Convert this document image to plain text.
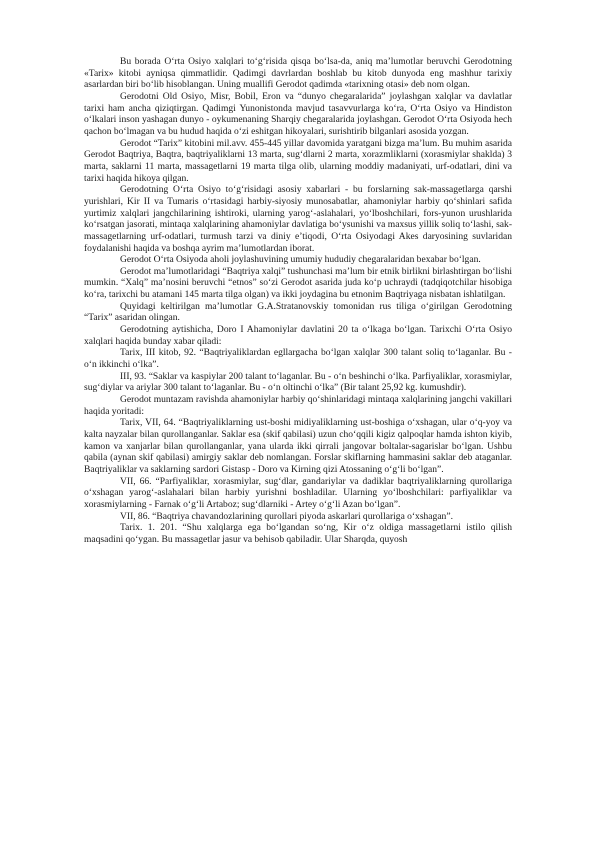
Bu borada O‘rta Osiyo xalqlari to‘g‘risida qisqa bo‘lsa-da, aniq ma’lumotlar beruvchi Gerodotning «Tarix» kitobi ayniqsa qimmatlidir. Qadimgi davrlardan boshlab bu kitob dunyoda eng mashhur tarixiy asarlardan biri bo‘lib hisoblangan. Uning muallifi Gerodot qadimda «tarixning otasi» deb nom olgan.

Gerodotni Old Osiyo, Misr, Bobil, Eron va “dunyo chegaralarida” joylashgan xalqlar va davlatlar tarixi ham ancha qiziqtirgan. Qadimgi Yunonistonda mavjud tasavvurlarga ko‘ra, O‘rta Osiyo va Hindiston o‘lkalari inson yashagan dunyo - oykumenaning Sharqiy chegaralarida joylashgan. Gerodot O‘rta Osiyoda hech qachon bo‘lmagan va bu hudud haqida o‘zi eshitgan hikoyalari, surishtirib bilganlari asosida yozgan.

Gerodot “Tarix” kitobini mil.avv. 455-445 yillar davomida yaratgani bizga ma’lum. Bu muhim asarida Gerodot Baqtriya, Baqtra, baqtriyaliklarni 13 marta, sug‘dlarni 2 marta, xorazmliklarni (xorasmiylar shaklda) 3 marta, saklarni 11 marta, massagetlarni 19 marta tilga olib, ularning moddiy madaniyati, urf-odatlari, dini va tarixi haqida hikoya qilgan.

Gerodotning O‘rta Osiyo to‘g‘risidagi asosiy xabarlari - bu forslarning sak-massagetlarga qarshi yurishlari, Kir II va Tumaris o‘rtasidagi harbiy-siyosiy munosabatlar, ahamoniylar harbiy qo‘shinlari safida yurtimiz xalqlari jangchilarining ishtiroki, ularning yarog‘-aslahalari, yo‘lboshchilari, fors-yunon urushlarida ko‘rsatgan jasorati, mintaqa xalqlarining ahamoniylar davlatiga bo‘ysunishi va maxsus yillik soliq to‘lashi, sak-massagetlarning urf-odatlari, turmush tarzi va diniy e’tiqodi, O‘rta Osiyodagi Akes daryosining suvlaridan foydalanishi haqida va boshqa ayrim ma’lumotlardan iborat.

Gerodot O‘rta Osiyoda aholi joylashuvining umumiy hududiy chegaralaridan bexabar bo‘lgan.

Gerodot ma’lumotlaridagi “Baqtriya xalqi” tushunchasi ma’lum bir etnik birlikni birlashtirgan bo‘lishi mumkin. “Xalq” ma’nosini beruvchi “etnos” so‘zi Gerodot asarida juda ko‘p uchraydi (tadqiqotchilar hisobiga ko‘ra, tarixchi bu atamani 145 marta tilga olgan) va ikki joydagina bu etnonim Baqtriyaga nisbatan ishlatilgan.

Quyidagi keltirilgan ma’lumotlar G.A.Stratanovskiy tomonidan rus tiliga o‘girilgan Gerodotning “Tarix” asaridan olingan.

Gerodotning aytishicha, Doro I Ahamoniylar davlatini 20 ta o‘lkaga bo‘lgan. Tarixchi O‘rta Osiyo xalqlari haqida bunday xabar qiladi:

Tarix, III kitob, 92. “Baqtriyaliklardan egllargacha bo‘lgan xalqlar 300 talant soliq to‘laganlar. Bu - o‘n ikkinchi o‘lka”.

III, 93. “Saklar va kaspiylar 200 talant to‘laganlar. Bu - o‘n beshinchi o‘lka. Parfiyaliklar, xorasmiylar, sug‘diylar va ariylar 300 talant to‘laganlar. Bu - o‘n oltinchi o‘lka” (Bir talant 25,92 kg. kumushdir).

Gerodot muntazam ravishda ahamoniylar harbiy qo‘shinlaridagi mintaqa xalqlarining jangchi vakillari haqida yoritadi:

Tarix, VII, 64. “Baqtriyaliklarning ust-boshi midiyaliklarning ust-boshiga o‘xshagan, ular o‘q-yoy va kalta nayzalar bilan qurollanganlar. Saklar esa (skif qabilasi) uzun cho‘qqili kigiz qalpoqlar hamda ishton kiyib, kamon va xanjarlar bilan qurollanganlar, yana ularda ikki qirrali jangovar boltalar-sagarislar bo‘lgan. Ushbu qabila (aynan skif qabilasi) amirgiy saklar deb nomlangan. Forslar skiflarning hammasini saklar deb ataganlar. Baqtriyaliklar va saklarning sardori Gistasp - Doro va Kirning qizi Atossaning o‘g‘li bo‘lgan”.

VII, 66. “Parfiyaliklar, xorasmiylar, sug‘dlar, gandariylar va dadiklar baqtriyaliklarning qurollariga o‘xshagan yarog‘-aslahalari bilan harbiy yurishni boshladilar. Ularning yo‘lboshchilari: parfiyaliklar va xorasmiylarning - Farnak o‘g‘li Artaboz; sug‘dlarniki - Artey o‘g‘li Azan bo‘lgan”.

VII, 86. “Baqtriya chavandozlarining qurollari piyoda askarlari qurollariga o‘xshagan”.

Tarix. 1. 201. “Shu xalqlarga ega bo‘lgandan so‘ng, Kir o‘z oldiga massagetlarni istilo qilish maqsadini qo‘ygan. Bu massagetlar jasur va behisob qabiladir. Ular Sharqda, quyosh
